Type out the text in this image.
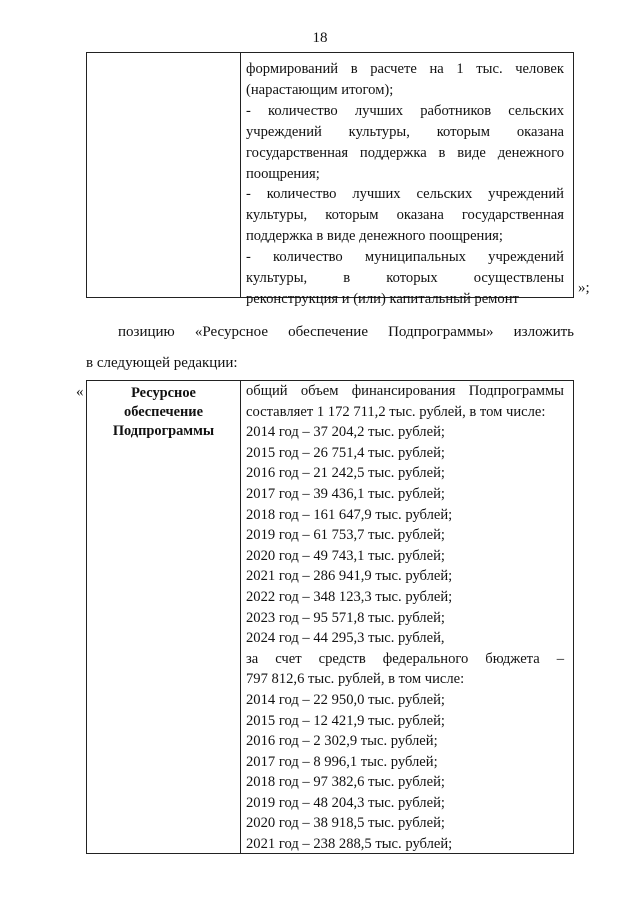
18

формирований в расчете на 1 тыс. человек

(нарастающим итогом);

- количество лучших работников сельских

учреждений культуры, которым оказана

государственная поддержка в виде денежного

поощрения;

- количество лучших сельских учреждений

культуры, которым оказана государственная

поддержка в виде денежного поощрения;

- количество муниципальных учреждений

культуры, в которых осуществлены

реконструкция и (или) капитальный ремонт

»;
позицию «Ресурсное обеспечение Подпрограммы» изложить
в следующей редакции:
«	Ресурсное
обеспечение
Подпрограммы
общий объем финансирования Подпрограммы
составляет 1 172 711,2 тыс. рублей, в том числе:
2014 год – 37 204,2 тыс. рублей;
2015 год – 26 751,4 тыс. рублей;
2016 год – 21 242,5 тыс. рублей;
2017 год – 39 436,1 тыс. рублей;
2018 год – 161 647,9 тыс. рублей;
2019 год – 61 753,7 тыс. рублей;
2020 год – 49 743,1 тыс. рублей;
2021 год – 286 941,9 тыс. рублей;
2022 год – 348 123,3 тыс. рублей;
2023 год – 95 571,8 тыс. рублей;
2024 год – 44 295,3 тыс. рублей,
за счет средств федерального бюджета –
797 812,6 тыс. рублей, в том числе:
2014 год – 22 950,0 тыс. рублей;
2015 год – 12 421,9 тыс. рублей;
2016 год – 2 302,9 тыс. рублей;
2017 год – 8 996,1 тыс. рублей;
2018 год – 97 382,6 тыс. рублей;
2019 год – 48 204,3 тыс. рублей;
2020 год – 38 918,5 тыс. рублей;
2021 год – 238 288,5 тыс. рублей;
